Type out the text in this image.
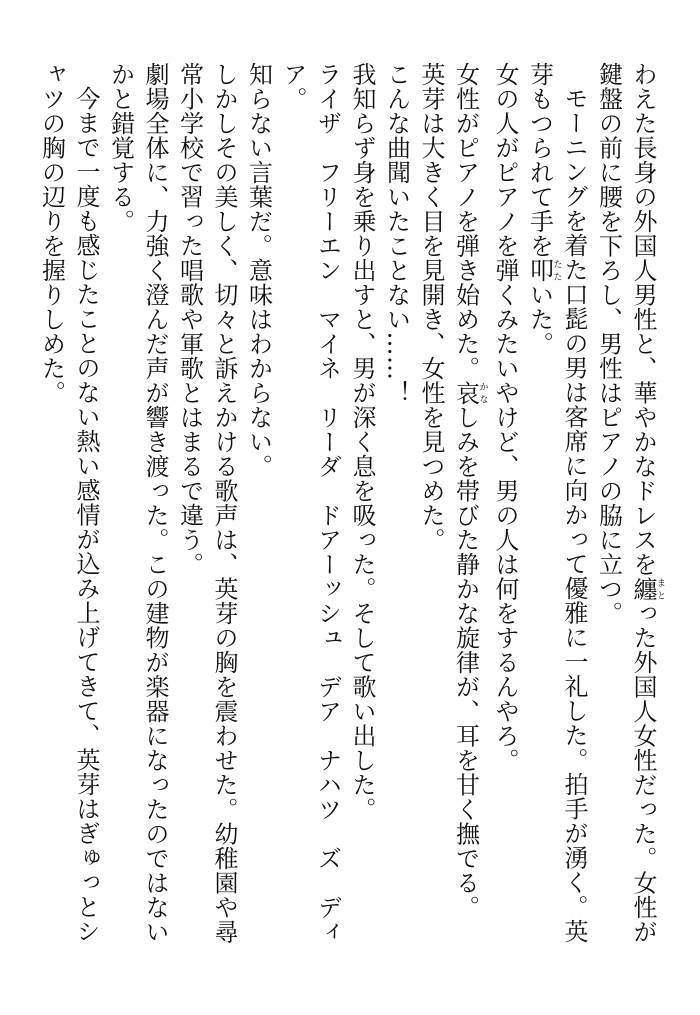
わえた長身の外国人男性と、華やかなドレスを纏まとった外国人女性だった。女性が鍵盤の前に腰を下ろし、男性はピアノの脇に立つ。

モーニングを着た口髭の男は客席に向かって優雅に一礼した。拍手が湧く。英芽もつられて手を叩たたいた。

女の人がピアノを弾くみたいやけど、男の人は何をするんやろ。

女性がピアノを弾き始めた。哀かなしみを帯びた静かな旋律が、耳を甘く撫でる。

英芽は大きく目を見開き、女性を見つめた。

こんな曲聞いたことない……！

我知らず身を乗り出すと、男が深く息を吸った。そして歌い出した。

ライザ　フリーエン　マイネ　リーダ　ドアーッシュ　デア　ナハツ　ズ　ディア。

知らない言葉だ。意味はわからない。

しかしその美しく、切々と訴えかける歌声は、英芽の胸を震わせた。幼稚園や尋常小学校で習った唱歌や軍歌とはまるで違う。

劇場全体に、力強く澄んだ声が響き渡った。この建物が楽器になったのではないかと錯覚する。

今まで一度も感じたことのない熱い感情が込み上げてきて、英芽はぎゅっとシャツの胸の辺りを握りしめた。
